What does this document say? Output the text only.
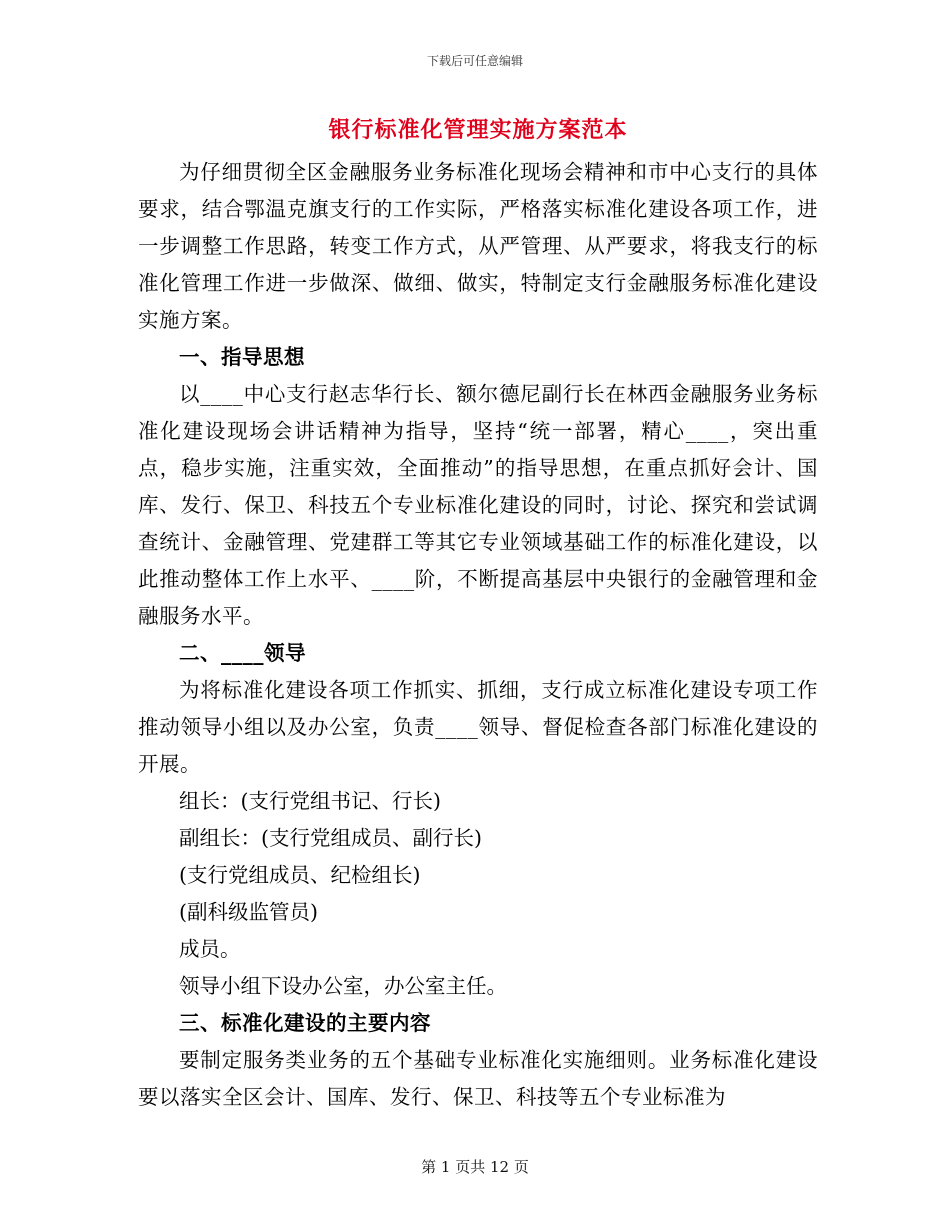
下载后可任意编辑
银行标准化管理实施方案范本

为仔细贯彻全区金融服务业务标准化现场会精神和市中心支行的具体要求，结合鄂温克旗支行的工作实际，严格落实标准化建设各项工作，进一步调整工作思路，转变工作方式，从严管理、从严要求，将我支行的标准化管理工作进一步做深、做细、做实，特制定支行金融服务标准化建设实施方案。

一、指导思想

以____中心支行赵志华行长、额尔德尼副行长在林西金融服务业务标准化建设现场会讲话精神为指导，坚持“统一部署，精心____，突出重点，稳步实施，注重实效，全面推动”的指导思想，在重点抓好会计、国库、发行、保卫、科技五个专业标准化建设的同时，讨论、探究和尝试调查统计、金融管理、党建群工等其它专业领域基础工作的标准化建设，以此推动整体工作上水平、____阶，不断提高基层中央银行的金融管理和金融服务水平。

二、____领导

为将标准化建设各项工作抓实、抓细，支行成立标准化建设专项工作推动领导小组以及办公室，负责____领导、督促检查各部门标准化建设的开展。

组长：(支行党组书记、行长)

副组长：(支行党组成员、副行长)

(支行党组成员、纪检组长)

(副科级监管员)

成员。

领导小组下设办公室，办公室主任。

三、标准化建设的主要内容

要制定服务类业务的五个基础专业标准化实施细则。业务标准化建设要以落实全区会计、国库、发行、保卫、科技等五个专业标准为

第 1 页共 12 页
